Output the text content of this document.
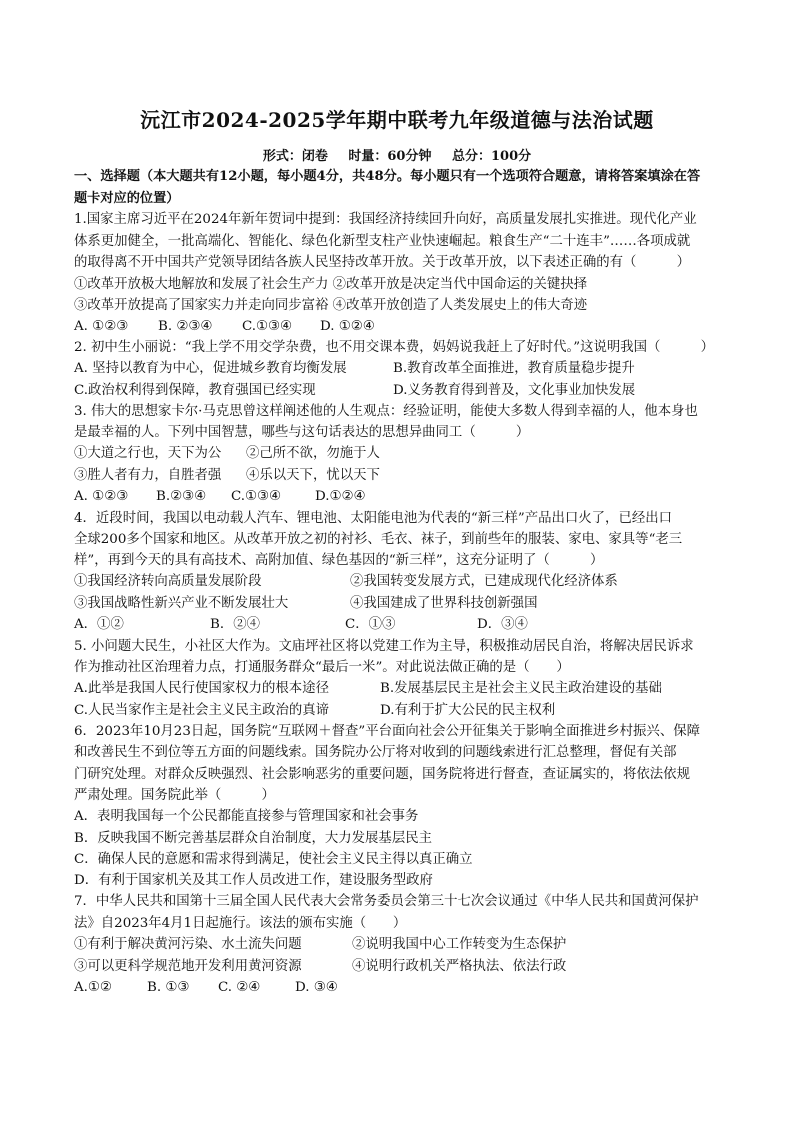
沅江市2024-2025学年期中联考九年级道德与法治试题
形式：闭卷 时量：60分钟 总分：100分
一、选择题（本大题共有12小题，每小题4分，共48分。每小题只有一个选项符合题意，请将答案填涂在答
题卡对应的位置）
1.国家主席习近平在2024年新年贺词中提到：我国经济持续回升向好，高质量发展扎实推进。现代化产业
体系更加健全，一批高端化、智能化、绿色化新型支柱产业快速崛起。粮食生产“二十连丰”……各项成就
的取得离不开中国共产党领导团结各族人民坚持改革开放。关于改革开放，以下表述正确的有（　　　）
①改革开放极大地解放和发展了社会生产力 ②改革开放是决定当代中国命运的关键抉择
③改革开放提高了国家实力并走向同步富裕 ④改革开放创造了人类发展史上的伟大奇迹
A. ①②③ B. ②③④ C.①③④ D. ①②④
2. 初中生小丽说：“我上学不用交学杂费，也不用交课本费，妈妈说我赶上了好时代。”这说明我国（　　　）
A. 坚持以教育为中心，促进城乡教育均衡发展	B.教育改革全面推进，教育质量稳步提升
C.政治权利得到保障，教育强国已经实现	D.义务教育得到普及，文化事业加快发展
3. 伟大的思想家卡尔·马克思曾这样阐述他的人生观点：经验证明，能使大多数人得到幸福的人，他本身也
是最幸福的人。下列中国智慧，哪些与这句话表达的思想异曲同工（　　　）
①大道之行也，天下为公 ②己所不欲，勿施于人
③胜人者有力，自胜者强 ④乐以天下，忧以天下
A. ①②③ B.②③④ C.①③④	D.①②④
4．近段时间，我国以电动载人汽车、锂电池、太阳能电池为代表的“新三样”产品出口火了，已经出口
全球200多个国家和地区。从改革开放之初的衬衫、毛衣、袜子，到前些年的服装、家电、家具等“老三
样”，再到今天的具有高技术、高附加值、绿色基因的“新三样”，这充分证明了（　　　）
①我国经济转向高质量发展阶段	②我国转变发展方式，已建成现代化经济体系
③我国战略性新兴产业不断发展壮大	④我国建成了世界科技创新强国
A．①②	B．②④	C．①③	D．③④
5. 小问题大民生，小社区大作为。文庙坪社区将以党建工作为主导，积极推动居民自治，将解决居民诉求
作为推动社区治理着力点，打通服务群众“最后一米”。对此说法做正确的是（　　）
A.此举是我国人民行使国家权力的根本途径	B.发展基层民主是社会主义民主政治建设的基础
C.人民当家作主是社会主义民主政治的真谛	D.有利于扩大公民的民主权利
6．2023年10月23日起，国务院“互联网＋督查”平台面向社会公开征集关于影响全面推进乡村振兴、保障
和改善民生不到位等五方面的问题线索。国务院办公厅将对收到的问题线索进行汇总整理，督促有关部
门研究处理。对群众反映强烈、社会影响恶劣的重要问题，国务院将进行督查，查证属实的，将依法依规
严肃处理。国务院此举（　　　）
A．表明我国每一个公民都能直接参与管理国家和社会事务
B．反映我国不断完善基层群众自治制度，大力发展基层民主
C．确保人民的意愿和需求得到满足，使社会主义民主得以真正确立
D．有利于国家机关及其工作人员改进工作，建设服务型政府
7．中华人民共和国第十三届全国人民代表大会常务委员会第三十七次会议通过《中华人民共和国黄河保护
法》自2023年4月1日起施行。该法的颁布实施（　　）
①有利于解决黄河污染、水土流失问题	②说明我国中心工作转变为生态保护
③可以更科学规范地开发利用黄河资源	④说明行政机关严格执法、依法行政
A.①②	B. ①③ C. ②④	D. ③④
